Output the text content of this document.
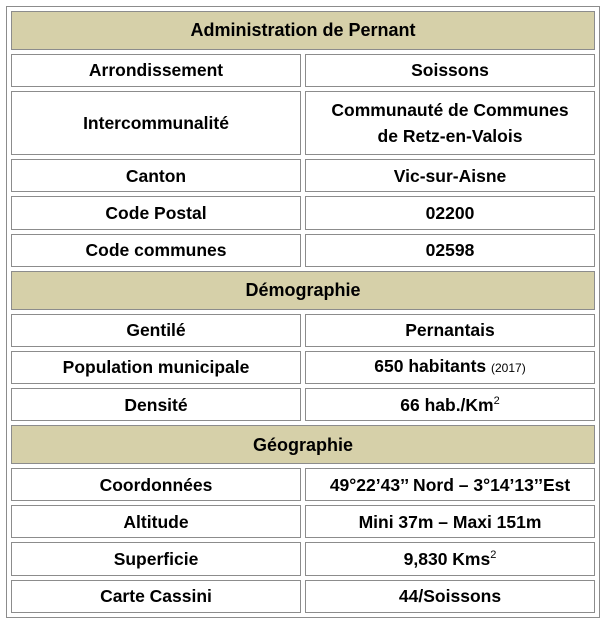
Administration de Pernant	
Arrondissement	Soissons
Intercommunalité	Communauté de Communes
de Retz-en-Valois
Canton	Vic-sur-Aisne
Code Postal	02200
Code communes	02598
Démographie	
Gentilé	Pernantais
Population municipale	650 habitants (2017)
Densité	66 hab./Km$^2$
Géographie	
Coordonnées	49°22’43’’ Nord – 3°14’13’’Est
Altitude	Mini 37m – Maxi 151m
Superficie	9,830 Kms$^2$
Carte Cassini	44/Soissons
